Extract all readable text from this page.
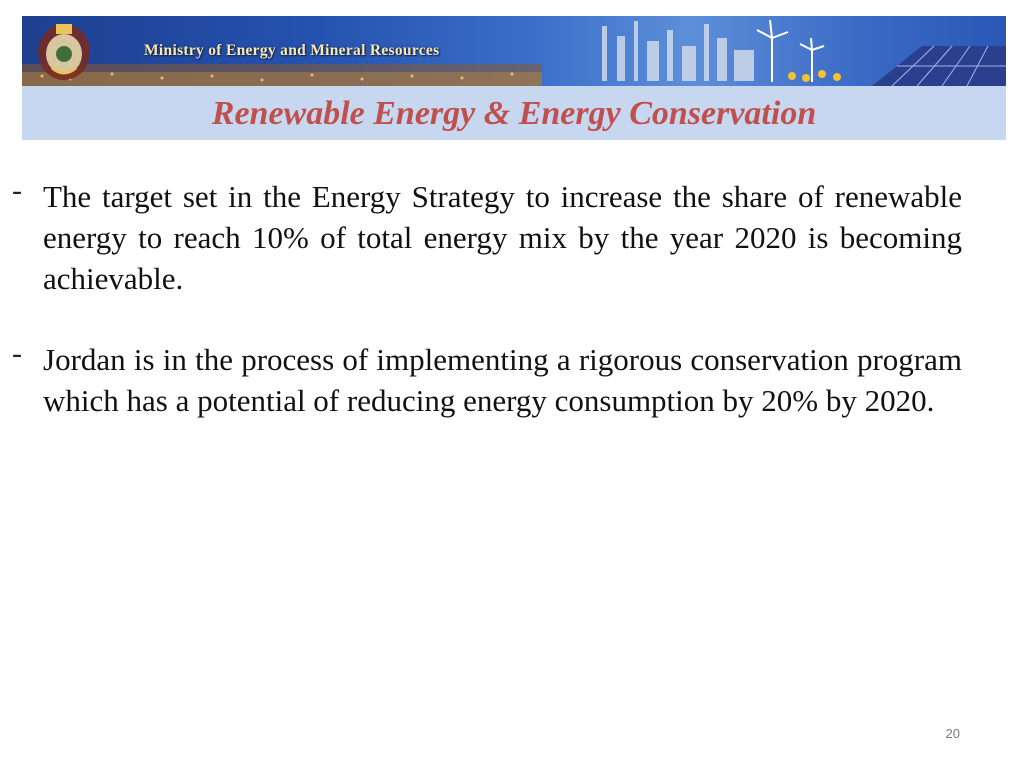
Ministry of Energy and Mineral Resources
Renewable Energy & Energy Conservation
- The target set in the Energy Strategy to increase the share of renewable energy to reach 10% of total energy mix by the year 2020 is becoming achievable.
- Jordan is in the process of implementing a rigorous conservation program which has a potential of reducing energy consumption by 20% by 2020.
20
